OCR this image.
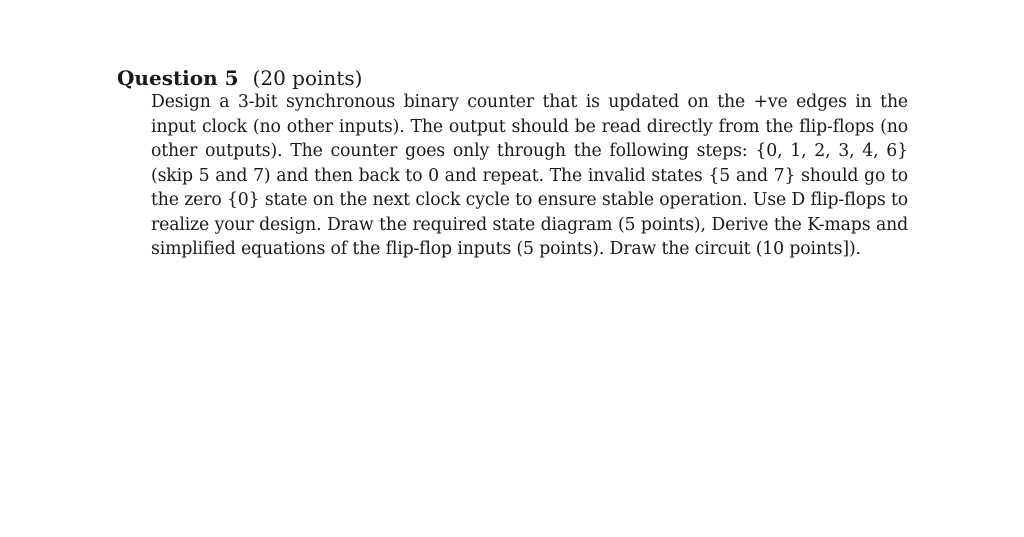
Question 5 (20 points)

Design a 3-bit synchronous binary counter that is updated on the +ve edges in the input clock (no other inputs). The output should be read directly from the flip-flops (no other outputs). The counter goes only through the following steps: {0, 1, 2, 3, 4, 6} (skip 5 and 7) and then back to 0 and repeat. The invalid states {5 and 7} should go to the zero {0} state on the next clock cycle to ensure stable operation. Use D flip-flops to realize your design. Draw the required state diagram (5 points), Derive the K-maps and simplified equations of the flip-flop inputs (5 points). Draw the circuit (10 points]).
